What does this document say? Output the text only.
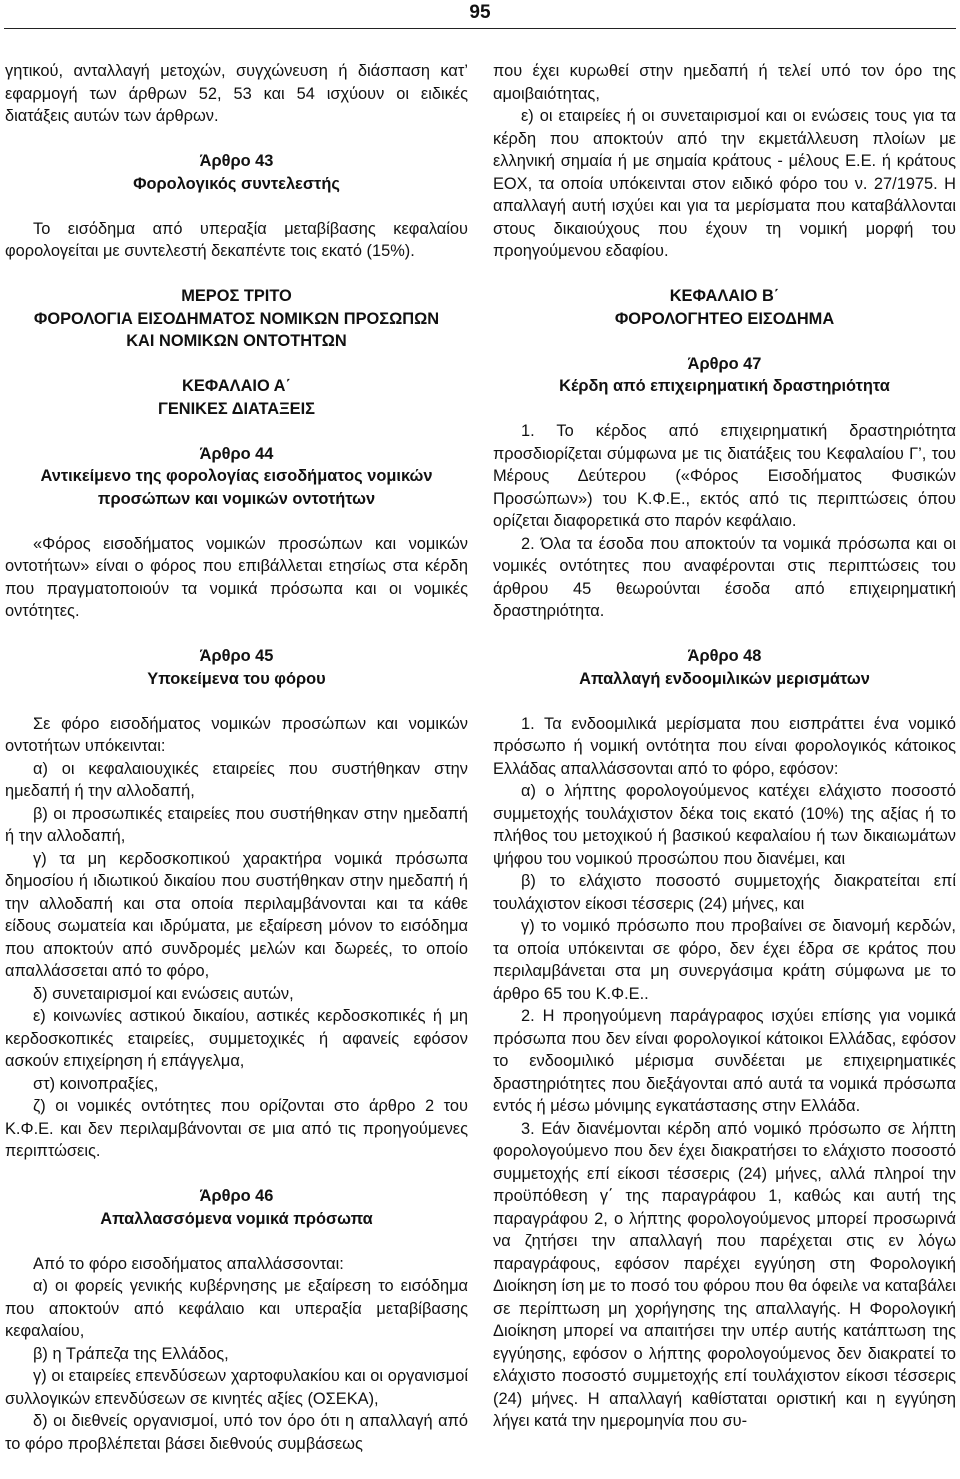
95

γητικού, ανταλλαγή μετοχών, συγχώνευση ή διάσπαση κατ’ εφαρμογή των άρθρων 52, 53 και 54 ισχύουν οι ειδικές διατάξεις αυτών των άρθρων.

Άρθρο 43
Φορολογικός συντελεστής

Το εισόδημα από υπεραξία μεταβίβασης κεφαλαίου φορολογείται με συντελεστή δεκαπέντε τοις εκατό (15%).

ΜΕΡΟΣ ΤΡΙΤΟ
ΦΟΡΟΛΟΓΙΑ ΕΙΣΟΔΗΜΑΤΟΣ ΝΟΜΙΚΩΝ ΠΡΟΣΩΠΩΝ
ΚΑΙ ΝΟΜΙΚΩΝ ΟΝΤΟΤΗΤΩΝ
ΚΕΦΑΛΑΙΟ Α΄
ΓΕΝΙΚΕΣ ΔΙΑΤΑΞΕΙΣ
Άρθρο 44
Αντικείμενο της φορολογίας εισοδήματος νομικών
προσώπων και νομικών οντοτήτων

«Φόρος εισοδήματος νομικών προσώπων και νομικών οντοτήτων» είναι ο φόρος που επιβάλλεται ετησίως στα κέρδη που πραγματοποιούν τα νομικά πρόσωπα και οι νομικές οντότητες.

Άρθρο 45
Υποκείμενα του φόρου

Σε φόρο εισοδήματος νομικών προσώπων και νομικών οντοτήτων υπόκεινται:

α) οι κεφαλαιουχικές εταιρείες που συστήθηκαν στην ημεδαπή ή την αλλοδαπή,

β) οι προσωπικές εταιρείες που συστήθηκαν στην ημεδαπή ή την αλλοδαπή,

γ) τα μη κερδοσκοπικού χαρακτήρα νομικά πρόσωπα δημοσίου ή ιδιωτικού δικαίου που συστήθηκαν στην ημεδαπή ή την αλλοδαπή και στα οποία περιλαμβάνονται και τα κάθε είδους σωματεία και ιδρύματα, με εξαίρεση μόνον το εισόδημα που αποκτούν από συνδρομές μελών και δωρεές, το οποίο απαλλάσσεται από το φόρο,

δ) συνεταιρισμοί και ενώσεις αυτών,

ε) κοινωνίες αστικού δικαίου, αστικές κερδοσκοπικές ή μη κερδοσκοπικές εταιρείες, συμμετοχικές ή αφανείς εφόσον ασκούν επιχείρηση ή επάγγελμα,

στ) κοινοπραξίες,

ζ) οι νομικές οντότητες που ορίζονται στο άρθρο 2 του Κ.Φ.Ε. και δεν περιλαμβάνονται σε μια από τις προηγούμενες περιπτώσεις.

Άρθρο 46
Απαλλασσόμενα νομικά πρόσωπα

Από το φόρο εισοδήματος απαλλάσσονται:

α) οι φορείς γενικής κυβέρνησης με εξαίρεση το εισόδημα που αποκτούν από κεφάλαιο και υπεραξία μεταβίβασης κεφαλαίου,

β) η Τράπεζα της Ελλάδος,

γ) οι εταιρείες επενδύσεων χαρτοφυλακίου και οι οργανισμοί συλλογικών επενδύσεων σε κινητές αξίες (ΟΣΕΚΑ),

δ) οι διεθνείς οργανισμοί, υπό τον όρο ότι η απαλλαγή από το φόρο προβλέπεται βάσει διεθνούς συμβάσεως

που έχει κυρωθεί στην ημεδαπή ή τελεί υπό τον όρο της αμοιβαιότητας,

ε) οι εταιρείες ή οι συνεταιρισμοί και οι ενώσεις τους για τα κέρδη που αποκτούν από την εκμετάλλευση πλοίων με ελληνική σημαία ή με σημαία κράτους - μέλους Ε.Ε. ή κράτους ΕΟΧ, τα οποία υπόκεινται στον ειδικό φόρο του ν. 27/1975. Η απαλλαγή αυτή ισχύει και για τα μερίσματα που καταβάλλονται στους δικαιούχους που έχουν τη νομική μορφή του προηγούμενου εδαφίου.

ΚΕΦΑΛΑΙΟ Β΄
ΦΟΡΟΛΟΓΗΤΕΟ ΕΙΣΟΔΗΜΑ
Άρθρο 47
Κέρδη από επιχειρηματική δραστηριότητα

1. Το κέρδος από επιχειρηματική δραστηριότητα προσδιορίζεται σύμφωνα με τις διατάξεις του Κεφαλαίου Γ’, του Μέρους Δεύτερου («Φόρος Εισοδήματος Φυσικών Προσώπων») του Κ.Φ.Ε., εκτός από τις περιπτώσεις όπου ορίζεται διαφορετικά στο παρόν κεφάλαιο.

2. Όλα τα έσοδα που αποκτούν τα νομικά πρόσωπα και οι νομικές οντότητες που αναφέρονται στις περιπτώσεις του άρθρου 45 θεωρούνται έσοδα από επιχειρηματική δραστηριότητα.

Άρθρο 48
Απαλλαγή ενδοομιλικών μερισμάτων

1. Τα ενδοομιλικά μερίσματα που εισπράττει ένα νομικό πρόσωπο ή νομική οντότητα που είναι φορολογικός κάτοικος Ελλάδας απαλλάσσονται από το φόρο, εφόσον:

α) ο λήπτης φορολογούμενος κατέχει ελάχιστο ποσοστό συμμετοχής τουλάχιστον δέκα τοις εκατό (10%) της αξίας ή το πλήθος του μετοχικού ή βασικού κεφαλαίου ή των δικαιωμάτων ψήφου του νομικού προσώπου που διανέμει, και

β) το ελάχιστο ποσοστό συμμετοχής διακρατείται επί τουλάχιστον είκοσι τέσσερις (24) μήνες, και

γ) το νομικό πρόσωπο που προβαίνει σε διανομή κερδών, τα οποία υπόκεινται σε φόρο, δεν έχει έδρα σε κράτος που περιλαμβάνεται στα μη συνεργάσιμα κράτη σύμφωνα με το άρθρο 65 του Κ.Φ.Ε..

2. Η προηγούμενη παράγραφος ισχύει επίσης για νομικά πρόσωπα που δεν είναι φορολογικοί κάτοικοι Ελλάδας, εφόσον το ενδοομιλικό μέρισμα συνδέεται με επιχειρηματικές δραστηριότητες που διεξάγονται από αυτά τα νομικά πρόσωπα εντός ή μέσω μόνιμης εγκατάστασης στην Ελλάδα.

3. Εάν διανέμονται κέρδη από νομικό πρόσωπο σε λήπτη φορολογούμενο που δεν έχει διακρατήσει το ελάχιστο ποσοστό συμμετοχής επί είκοσι τέσσερις (24) μήνες, αλλά πληροί την προϋπόθεση γ΄ της παραγράφου 1, καθώς και αυτή της παραγράφου 2, ο λήπτης φορολογούμενος μπορεί προσωρινά να ζητήσει την απαλλαγή που παρέχεται στις εν λόγω παραγράφους, εφόσον παρέχει εγγύηση στη Φορολογική Διοίκηση ίση με το ποσό του φόρου που θα όφειλε να καταβάλει σε περίπτωση μη χορήγησης της απαλλαγής. Η Φορολογική Διοίκηση μπορεί να απαιτήσει την υπέρ αυτής κατάπτωση της εγγύησης, εφόσον ο λήπτης φορολογούμενος δεν διακρατεί το ελάχιστο ποσοστό συμμετοχής επί τουλάχιστον είκοσι τέσσερις (24) μήνες. Η απαλλαγή καθίσταται οριστική και η εγγύηση λήγει κατά την ημερομηνία που συ-
